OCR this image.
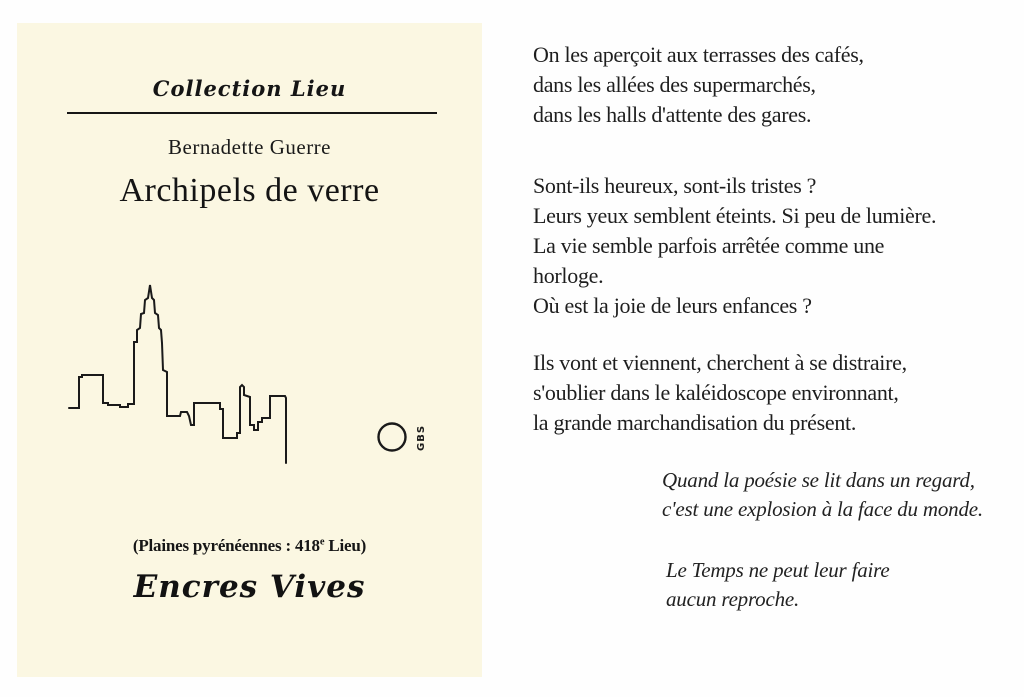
Collection Lieu
Bernadette Guerre
Archipels de verre
GBS
(Plaines pyrénéennes : 418e Lieu)
Encres Vives
On les aperçoit aux terrasses des cafés,
dans les allées des supermarchés,
dans les halls d'attente des gares.
Sont-ils heureux, sont-ils tristes ?
Leurs yeux semblent éteints. Si peu de lumière.
La vie semble parfois arrêtée comme une
horloge.
Où est la joie de leurs enfances ?
Ils vont et viennent, cherchent à se distraire,
s'oublier dans le kaléidoscope environnant,
la grande marchandisation du présent.
Quand la poésie se lit dans un regard,
c'est une explosion à la face du monde.
Le Temps ne peut leur faire
aucun reproche.
